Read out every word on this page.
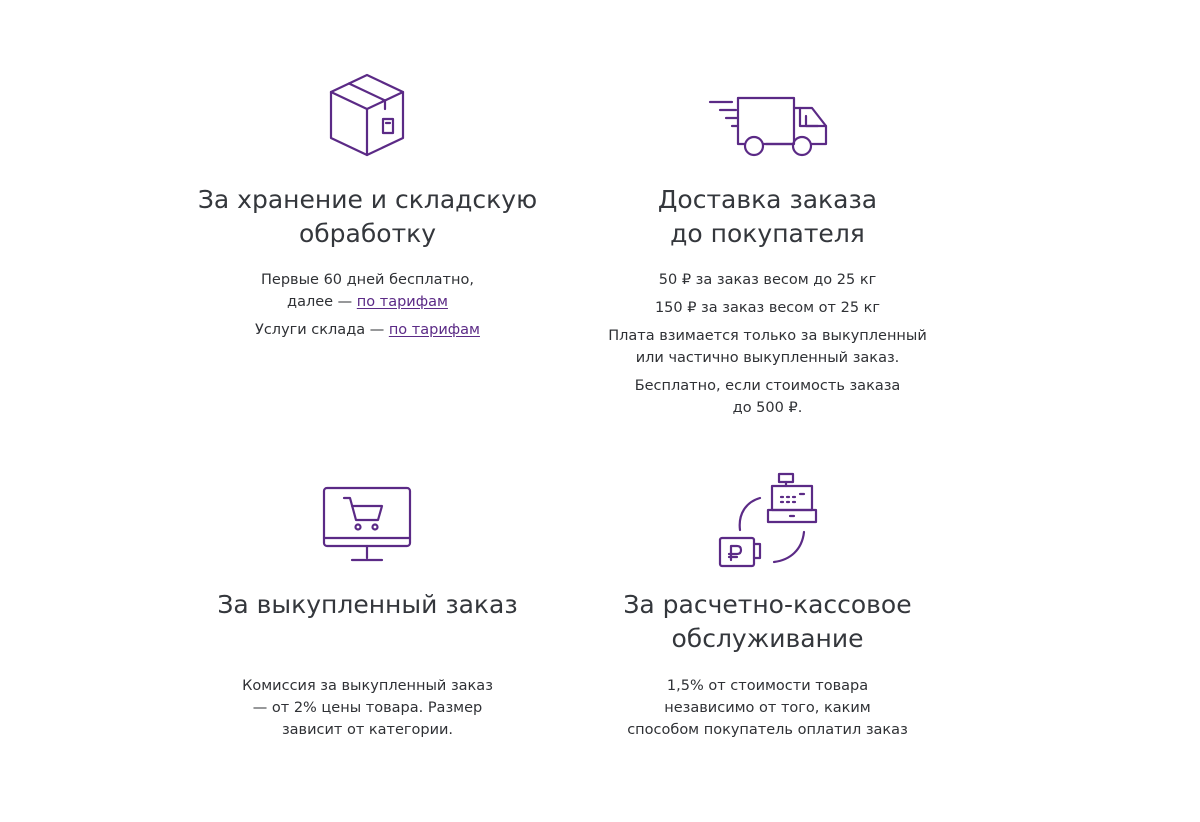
За хранение и складскую
обработку

Первые 60 дней бесплатно,
далее — по тарифам

Услуги склада — по тарифам

Доставка заказа
до покупателя

50 ₽ за заказ весом до 25 кг

150 ₽ за заказ весом от 25 кг

Плата взимается только за выкупленный
или частично выкупленный заказ.

Бесплатно, если стоимость заказа
до 500 ₽.

За выкупленный заказ
Комиссия за выкупленный заказ
— от 2% цены товара. Размер
зависит от категории.
За расчетно-кассовое
обслуживание
1,5% от стоимости товара
независимо от того, каким
способом покупатель оплатил заказ
